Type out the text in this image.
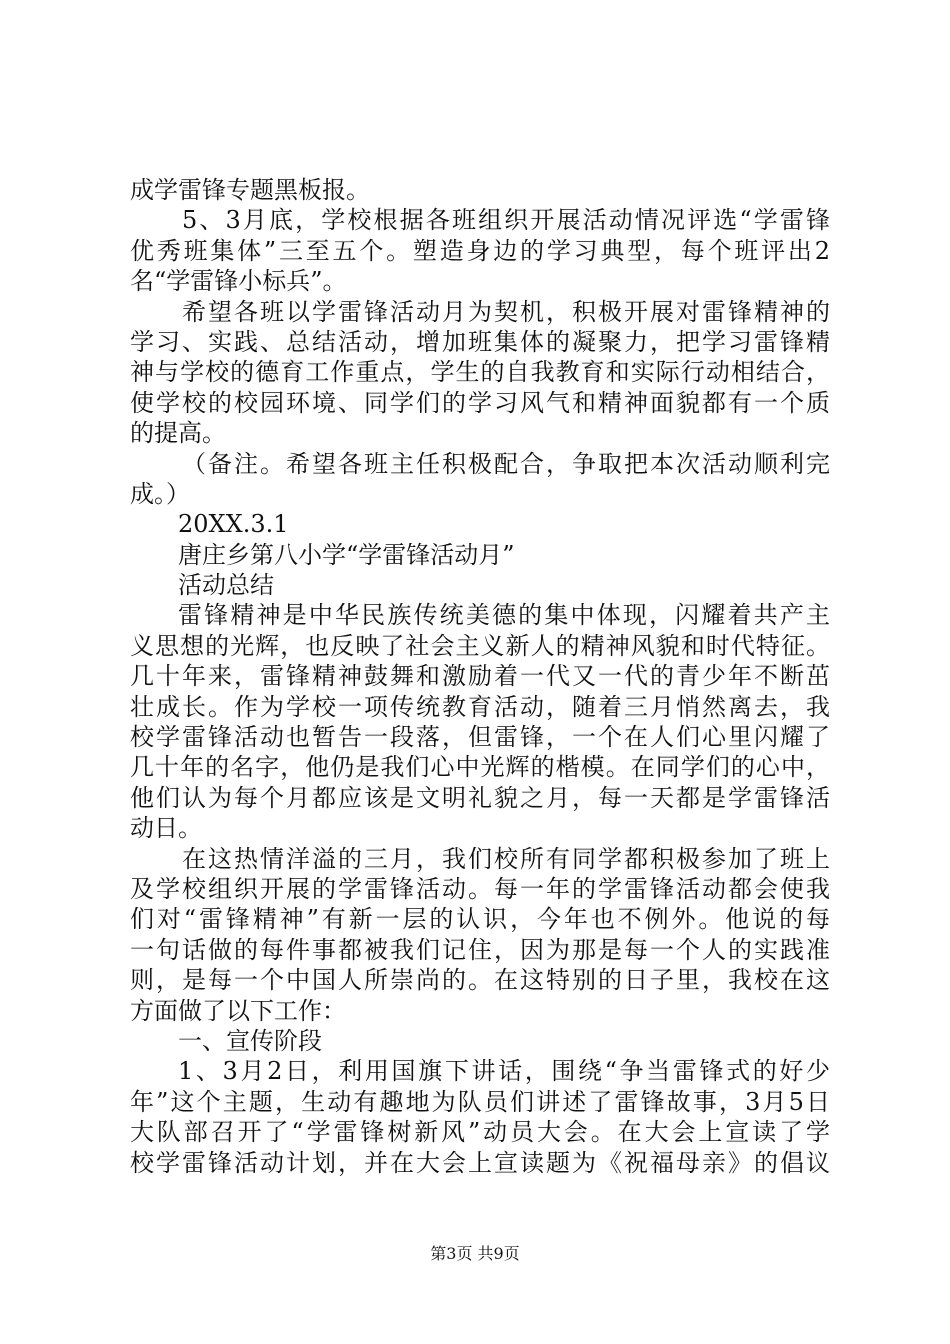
成学雷锋专题黑板报。
5、3月底，学校根据各班组织开展活动情况评选“学雷锋
优秀班集体”三至五个。塑造身边的学习典型，每个班评出2
名“学雷锋小标兵”。
希望各班以学雷锋活动月为契机，积极开展对雷锋精神的
学习、实践、总结活动，增加班集体的凝聚力，把学习雷锋精
神与学校的德育工作重点，学生的自我教育和实际行动相结合，
使学校的校园环境、同学们的学习风气和精神面貌都有一个质
的提高。
（备注。希望各班主任积极配合，争取把本次活动顺利完
成。）
20XX.3.1
唐庄乡第八小学“学雷锋活动月”
活动总结
雷锋精神是中华民族传统美德的集中体现，闪耀着共产主
义思想的光辉，也反映了社会主义新人的精神风貌和时代特征。
几十年来，雷锋精神鼓舞和激励着一代又一代的青少年不断茁
壮成长。作为学校一项传统教育活动，随着三月悄然离去，我
校学雷锋活动也暂告一段落，但雷锋，一个在人们心里闪耀了
几十年的名字，他仍是我们心中光辉的楷模。在同学们的心中，
他们认为每个月都应该是文明礼貌之月，每一天都是学雷锋活
动日。
在这热情洋溢的三月，我们校所有同学都积极参加了班上
及学校组织开展的学雷锋活动。每一年的学雷锋活动都会使我
们对“雷锋精神”有新一层的认识，今年也不例外。他说的每
一句话做的每件事都被我们记住，因为那是每一个人的实践准
则，是每一个中国人所崇尚的。在这特别的日子里，我校在这
方面做了以下工作：
一、宣传阶段
1、3月2日，利用国旗下讲话，围绕“争当雷锋式的好少
年”这个主题，生动有趣地为队员们讲述了雷锋故事，3月5日
大队部召开了“学雷锋树新风”动员大会。在大会上宣读了学
校学雷锋活动计划，并在大会上宣读题为《祝福母亲》的倡议
第3页 共9页
